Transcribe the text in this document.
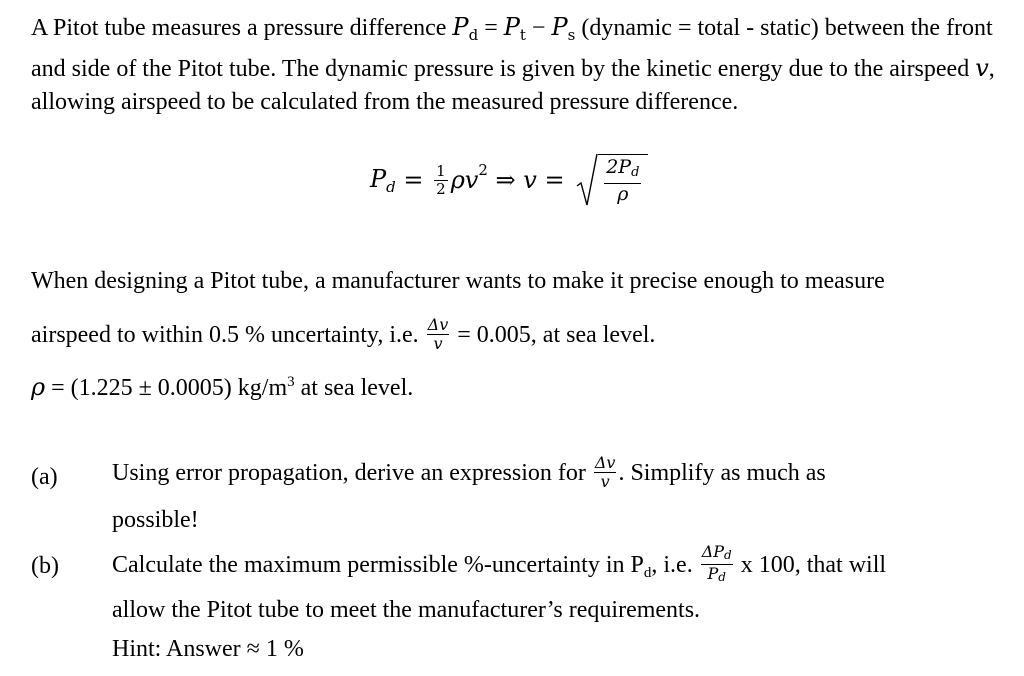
A Pitot tube measures a pressure difference $P_d = P_t - P_s$ (dynamic = total - static) between the front and side of the Pitot tube. The dynamic pressure is given by the kinetic energy due to the airspeed v, allowing airspeed to be calculated from the measured pressure difference.
$P_d = \frac{1}{2}$ ρv 2 ⇒ $v = \frac{2Pd}{\rho}$
When designing a Pitot tube, a manufacturer wants to make it precise enough to measure
airspeed to within 0.5 % uncertainty, i.e. $\frac{\Delta v}{v} = 0.005$, at sea level.
ρ = (1.225 ± 0.0005) $kg/m^3$ at sea level.
(a) Using error propagation, derive an expression for $\frac{\Delta v}{v}$ . Simplify as much as
possible!
(b) Calculate the maximum permissible %-uncertainty in $P_d$, i.e. $\frac{\text{ΔPd}}{Pd}$ x 100, that will
allow the Pitot tube to meet the manufacturer’s requirements.
Hint: Answer ≈ 1 %
